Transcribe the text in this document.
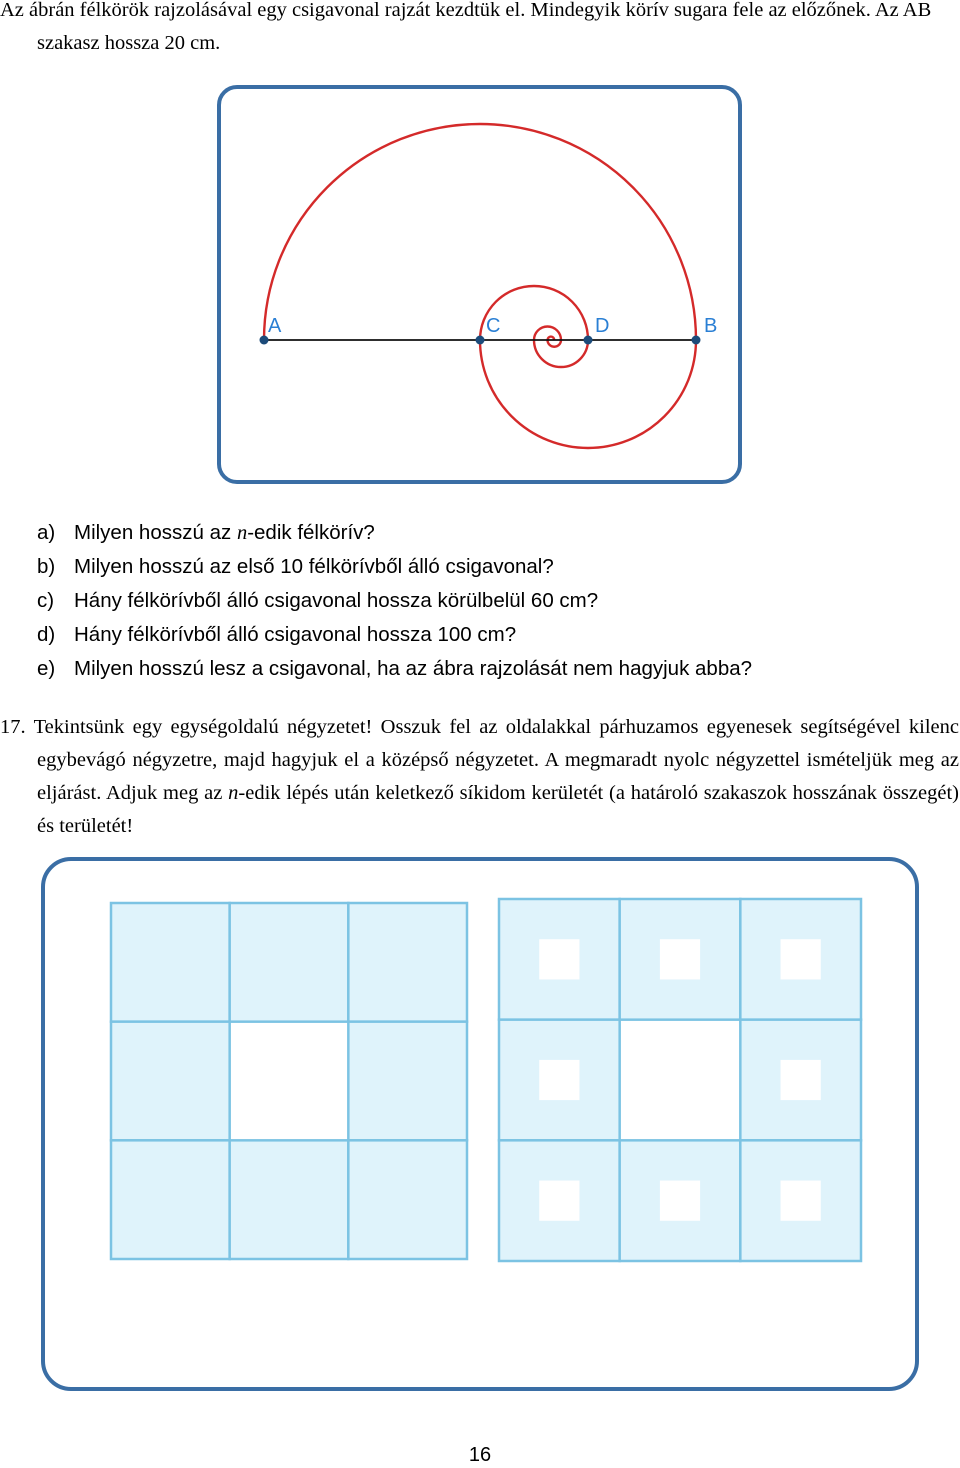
Az ábrán félkörök rajzolásával egy csigavonal rajzát kezdtük el. Mindegyik körív sugara fele az előzőnek. Az AB szakasz hossza 20 cm.
A	C	D	B
a) Milyen hosszú az n-edik félkörív?
b) Milyen hosszú az első 10 félkörívből álló csigavonal?
c) Hány félkörívből álló csigavonal hossza körülbelül 60 cm?
d) Hány félkörívből álló csigavonal hossza 100 cm?
e) Milyen hosszú lesz a csigavonal, ha az ábra rajzolását nem hagyjuk abba?
17. Tekintsünk egy egységoldalú négyzetet! Osszuk fel az oldalakkal párhuzamos egyenesek segítségével kilenc egybevágó négyzetre, majd hagyjuk el a középső négyzetet. A megmaradt nyolc négyzettel ismételjük meg az eljárást. Adjuk meg az n-edik lépés után keletkező síkidom kerületét (a határoló szakaszok hosszának összegét) és területét!
16
